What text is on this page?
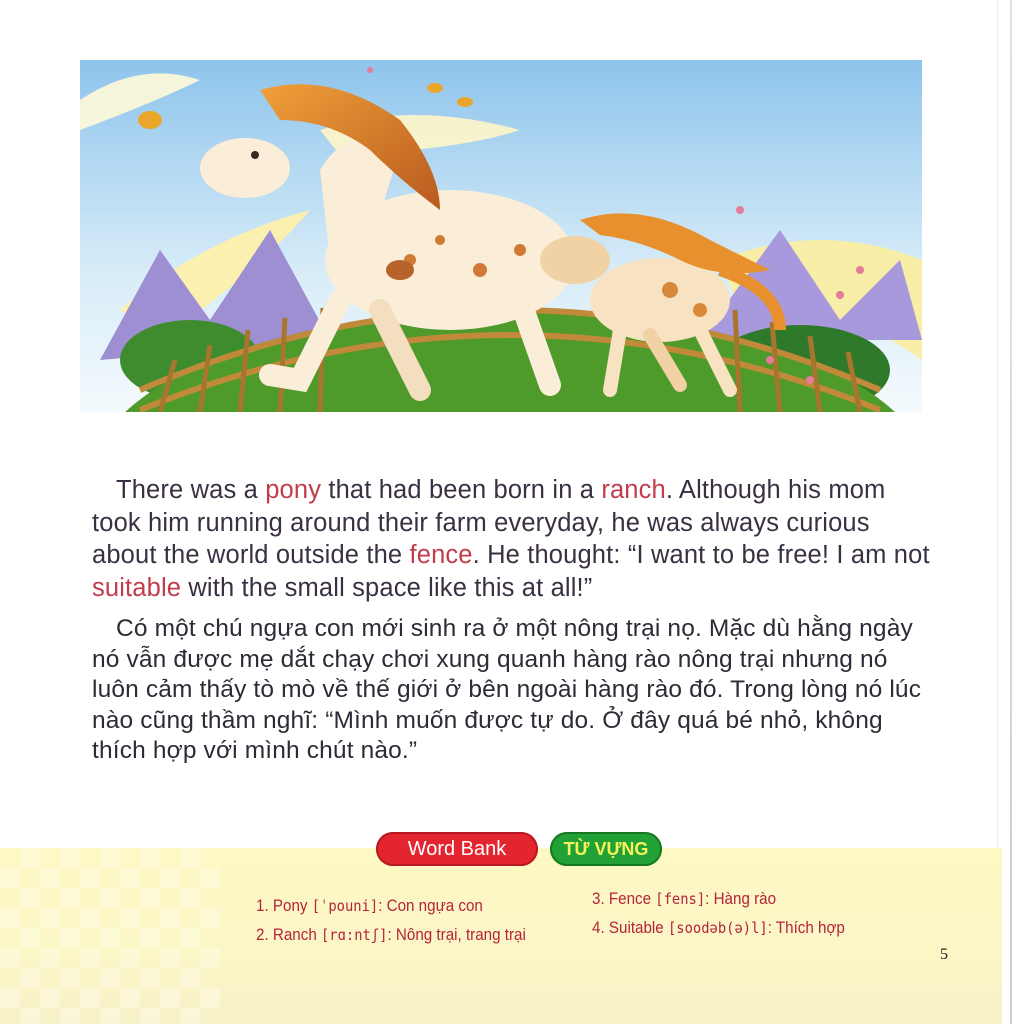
There was a pony that had been born in a ranch. Although his mom took him running around their farm everyday, he was always curious about the world outside the fence. He thought: “I want to be free! I am not suitable with the small space like this at all!”

Có một chú ngựa con mới sinh ra ở một nông trại nọ. Mặc dù hằng ngày nó vẫn được mẹ dắt chạy chơi xung quanh hàng rào nông trại nhưng nó luôn cảm thấy tò mò về thế giới ở bên ngoài hàng rào đó. Trong lòng nó lúc nào cũng thầm nghĩ: “Mình muốn được tự do. Ở đây quá bé nhỏ, không thích hợp với mình chút nào.”

Word Bank	TỪ VỰNG
1. Pony [ˈpouni]: Con ngựa con
2. Ranch [rɑ:ntʃ]: Nông trại, trang trại
3. Fence [fens]: Hàng rào
4. Suitable [soodəb(ə)l]: Thích hợp
5
